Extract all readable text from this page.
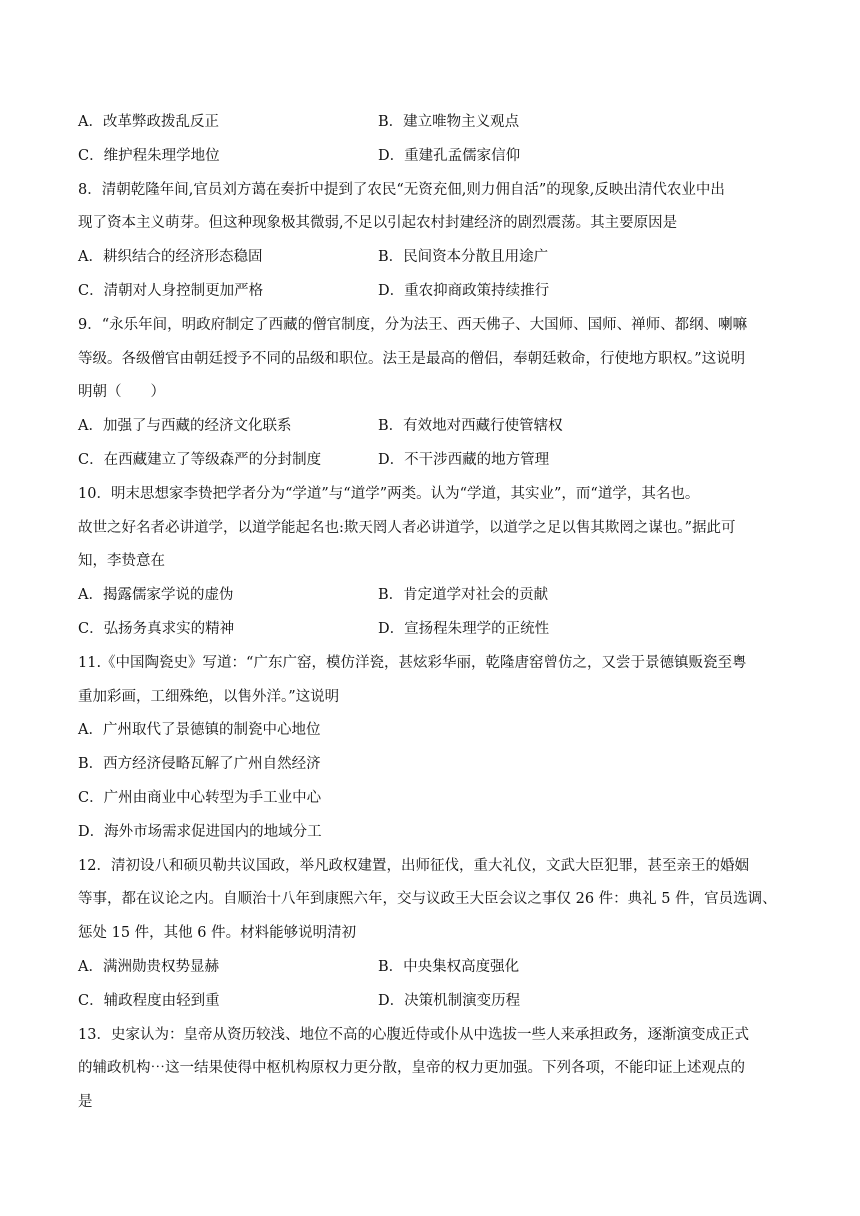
A．改革弊政拨乱反正	B．建立唯物主义观点
C．维护程朱理学地位	D．重建孔孟儒家信仰
8．清朝乾隆年间,官员刘方蔼在奏折中提到了农民“无资充佃,则力佣自活”的现象,反映出清代农业中出
现了资本主义萌芽。但这种现象极其微弱,不足以引起农村封建经济的剧烈震荡。其主要原因是
A．耕织结合的经济形态稳固	B．民间资本分散且用途广
C．清朝对人身控制更加严格	D．重农抑商政策持续推行
9．“永乐年间，明政府制定了西藏的僧官制度，分为法王、西天佛子、大国师、国师、禅师、都纲、喇嘛
等级。各级僧官由朝廷授予不同的品级和职位。法王是最高的僧侣，奉朝廷敕命，行使地方职权。”这说明
明朝（　　）
A．加强了与西藏的经济文化联系	B．有效地对西藏行使管辖权
C．在西藏建立了等级森严的分封制度	D．不干涉西藏的地方管理
10．明末思想家李贽把学者分为“学道”与“道学”两类。认为“学道，其实业”，而“道学，其名也。
故世之好名者必讲道学，以道学能起名也:欺天罔人者必讲道学，以道学之足以售其欺罔之谋也。”据此可
知，李贽意在
A．揭露儒家学说的虚伪	B．肯定道学对社会的贡献
C．弘扬务真求实的精神	D．宣扬程朱理学的正统性
11.《中国陶瓷史》写道：“广东广窑，模仿洋瓷，甚炫彩华丽，乾隆唐窑曾仿之，又尝于景德镇贩瓷至粤
重加彩画，工细殊绝，以售外洋。”这说明
A．广州取代了景德镇的制瓷中心地位
B．西方经济侵略瓦解了广州自然经济
C．广州由商业中心转型为手工业中心
D．海外市场需求促进国内的地域分工
12．清初设八和硕贝勒共议国政，举凡政权建置，出师征伐，重大礼仪，文武大臣犯罪，甚至亲王的婚姻
等事，都在议论之内。自顺治十八年到康熙六年，交与议政王大臣会议之事仅 26 件：典礼 5 件，官员选调、
惩处 15 件，其他 6 件。材料能够说明清初
A．满洲勋贵权势显赫	B．中央集权高度强化
C．辅政程度由轻到重	D．决策机制演变历程
13．史家认为：皇帝从资历较浅、地位不高的心腹近侍或仆从中选拔一些人来承担政务，逐渐演变成正式
的辅政机构⋯这一结果使得中枢机构原权力更分散，皇帝的权力更加强。下列各项，不能印证上述观点的
是
